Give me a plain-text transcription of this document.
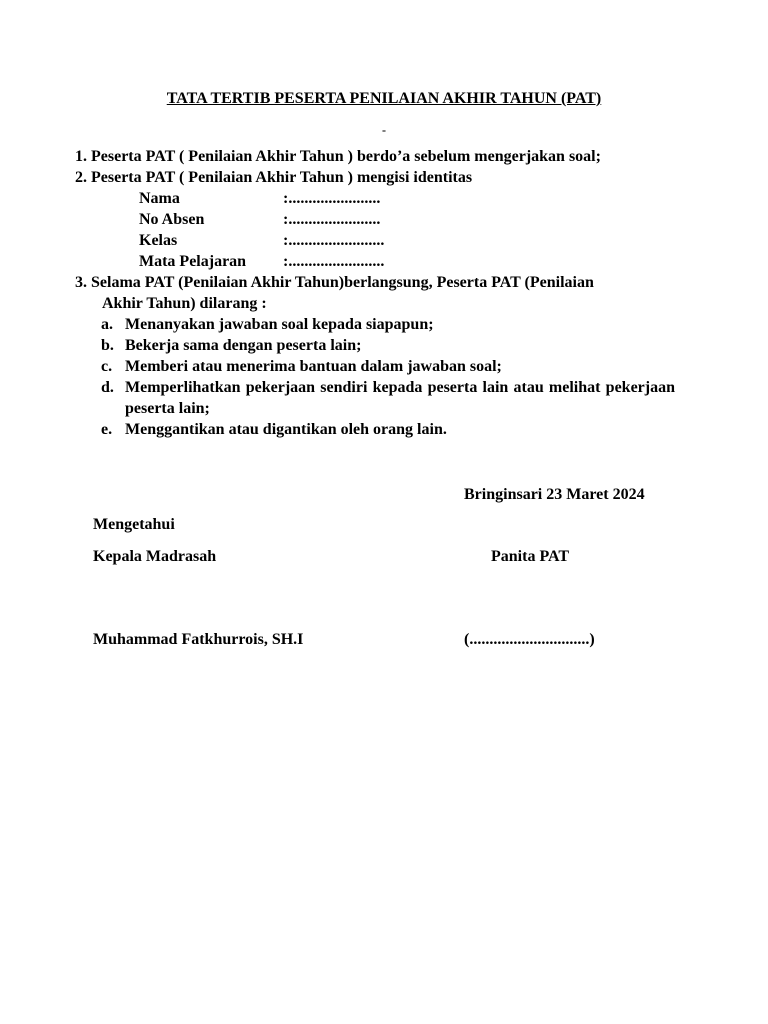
TATA TERTIB PESERTA PENILAIAN AKHIR TAHUN (PAT)
-
1. Peserta PAT ( Penilaian Akhir Tahun ) berdo’a sebelum mengerjakan soal;
2. Peserta PAT ( Penilaian Akhir Tahun ) mengisi identitas
Nama	:.......................
No Absen	:.......................
Kelas	:........................
Mata Pelajaran :........................
3. Selama PAT (Penilaian Akhir Tahun)berlangsung, Peserta PAT (Penilaian
Akhir Tahun) dilarang :
a. Menanyakan jawaban soal kepada siapapun;
b. Bekerja sama dengan peserta lain;
c. Memberi atau menerima bantuan dalam jawaban soal;
d. Memperlihatkan pekerjaan sendiri kepada peserta lain atau melihat pekerjaan peserta lain;
e. Menggantikan atau digantikan oleh orang lain.
Bringinsari 23 Maret 2024
Mengetahui
Kepala Madrasah	Panita PAT
Muhammad Fatkhurrois, SH.I	(..............................)
